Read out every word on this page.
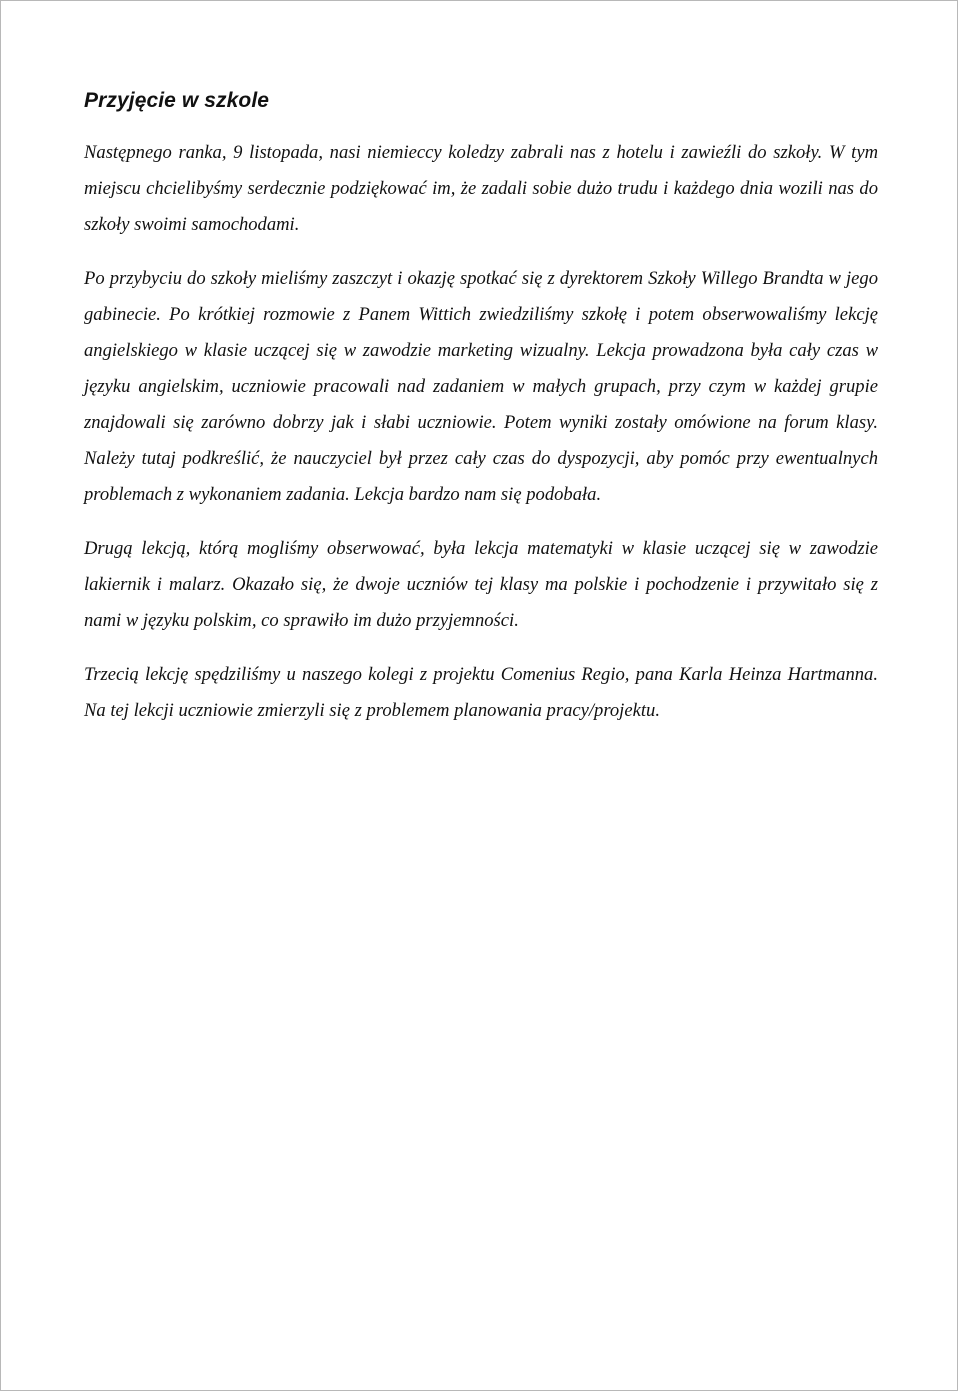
Przyjęcie w szkole

Następnego ranka, 9 listopada, nasi niemieccy koledzy zabrali nas z hotelu i zawieźli do szkoły. W tym miejscu chcielibyśmy serdecznie podziękować im, że zadali sobie dużo trudu i każdego dnia wozili nas do szkoły swoimi samochodami.

Po przybyciu do szkoły mieliśmy zaszczyt i okazję spotkać się z dyrektorem Szkoły Willego Brandta w jego gabinecie. Po krótkiej rozmowie z Panem Wittich zwiedziliśmy szkołę i potem obserwowaliśmy lekcję angielskiego w klasie uczącej się w zawodzie marketing wizualny. Lekcja prowadzona była cały czas w języku angielskim, uczniowie pracowali nad zadaniem w małych grupach, przy czym w każdej grupie znajdowali się zarówno dobrzy jak i słabi uczniowie. Potem wyniki zostały omówione na forum klasy. Należy tutaj podkreślić, że nauczyciel był przez cały czas do dyspozycji, aby pomóc przy ewentualnych problemach z wykonaniem zadania. Lekcja bardzo nam się podobała.

Drugą lekcją, którą mogliśmy obserwować, była lekcja matematyki w klasie uczącej się w zawodzie lakiernik i malarz. Okazało się, że dwoje uczniów tej klasy ma polskie i pochodzenie i przywitało się z nami w języku polskim, co sprawiło im dużo przyjemności.

Trzecią lekcję spędziliśmy u naszego kolegi z projektu Comenius Regio, pana Karla Heinza Hartmanna. Na tej lekcji uczniowie zmierzyli się z problemem planowania pracy/projektu.
